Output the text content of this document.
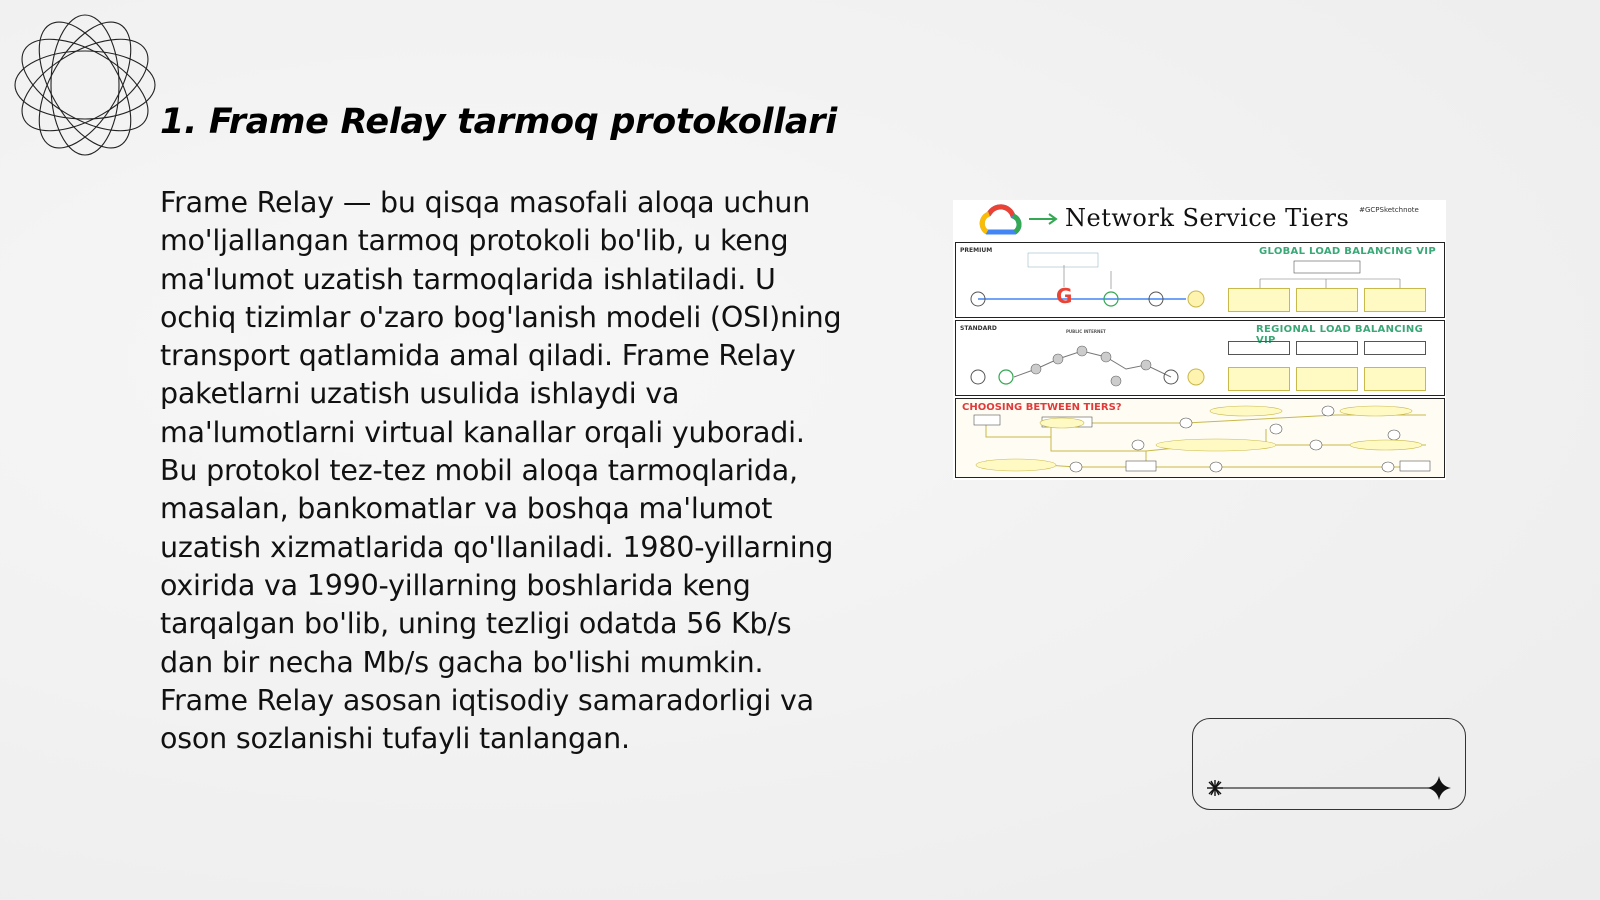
1. Frame Relay tarmoq protokollari

Frame Relay — bu qisqa masofali aloqa uchun mo'ljallangan tarmoq protokoli bo'lib, u keng ma'lumot uzatish tarmoqlarida ishlatiladi. U ochiq tizimlar o'zaro bog'lanish modeli (OSI)ning transport qatlamida amal qiladi. Frame Relay paketlarni uzatish usulida ishlaydi va ma'lumotlarni virtual kanallar orqali yuboradi. Bu protokol tez-tez mobil aloqa tarmoqlarida, masalan, bankomatlar va boshqa ma'lumot uzatish xizmatlarida qo'llaniladi. 1980-yillarning oxirida va 1990-yillarning boshlarida keng tarqalgan bo'lib, uning tezligi odatda 56 Kb/s dan bir necha Mb/s gacha bo'lishi mumkin. Frame Relay asosan iqtisodiy samaradorligi va oson sozlanishi tufayli tanlangan.

Network Service Tiers	#GCPSketchnote
PREMIUM	GLOBAL LOAD BALANCING VIP
G
STANDARD	PUBLIC INTERNET	REGIONAL LOAD BALANCING VIP
CHOOSING BETWEEN TIERS?
